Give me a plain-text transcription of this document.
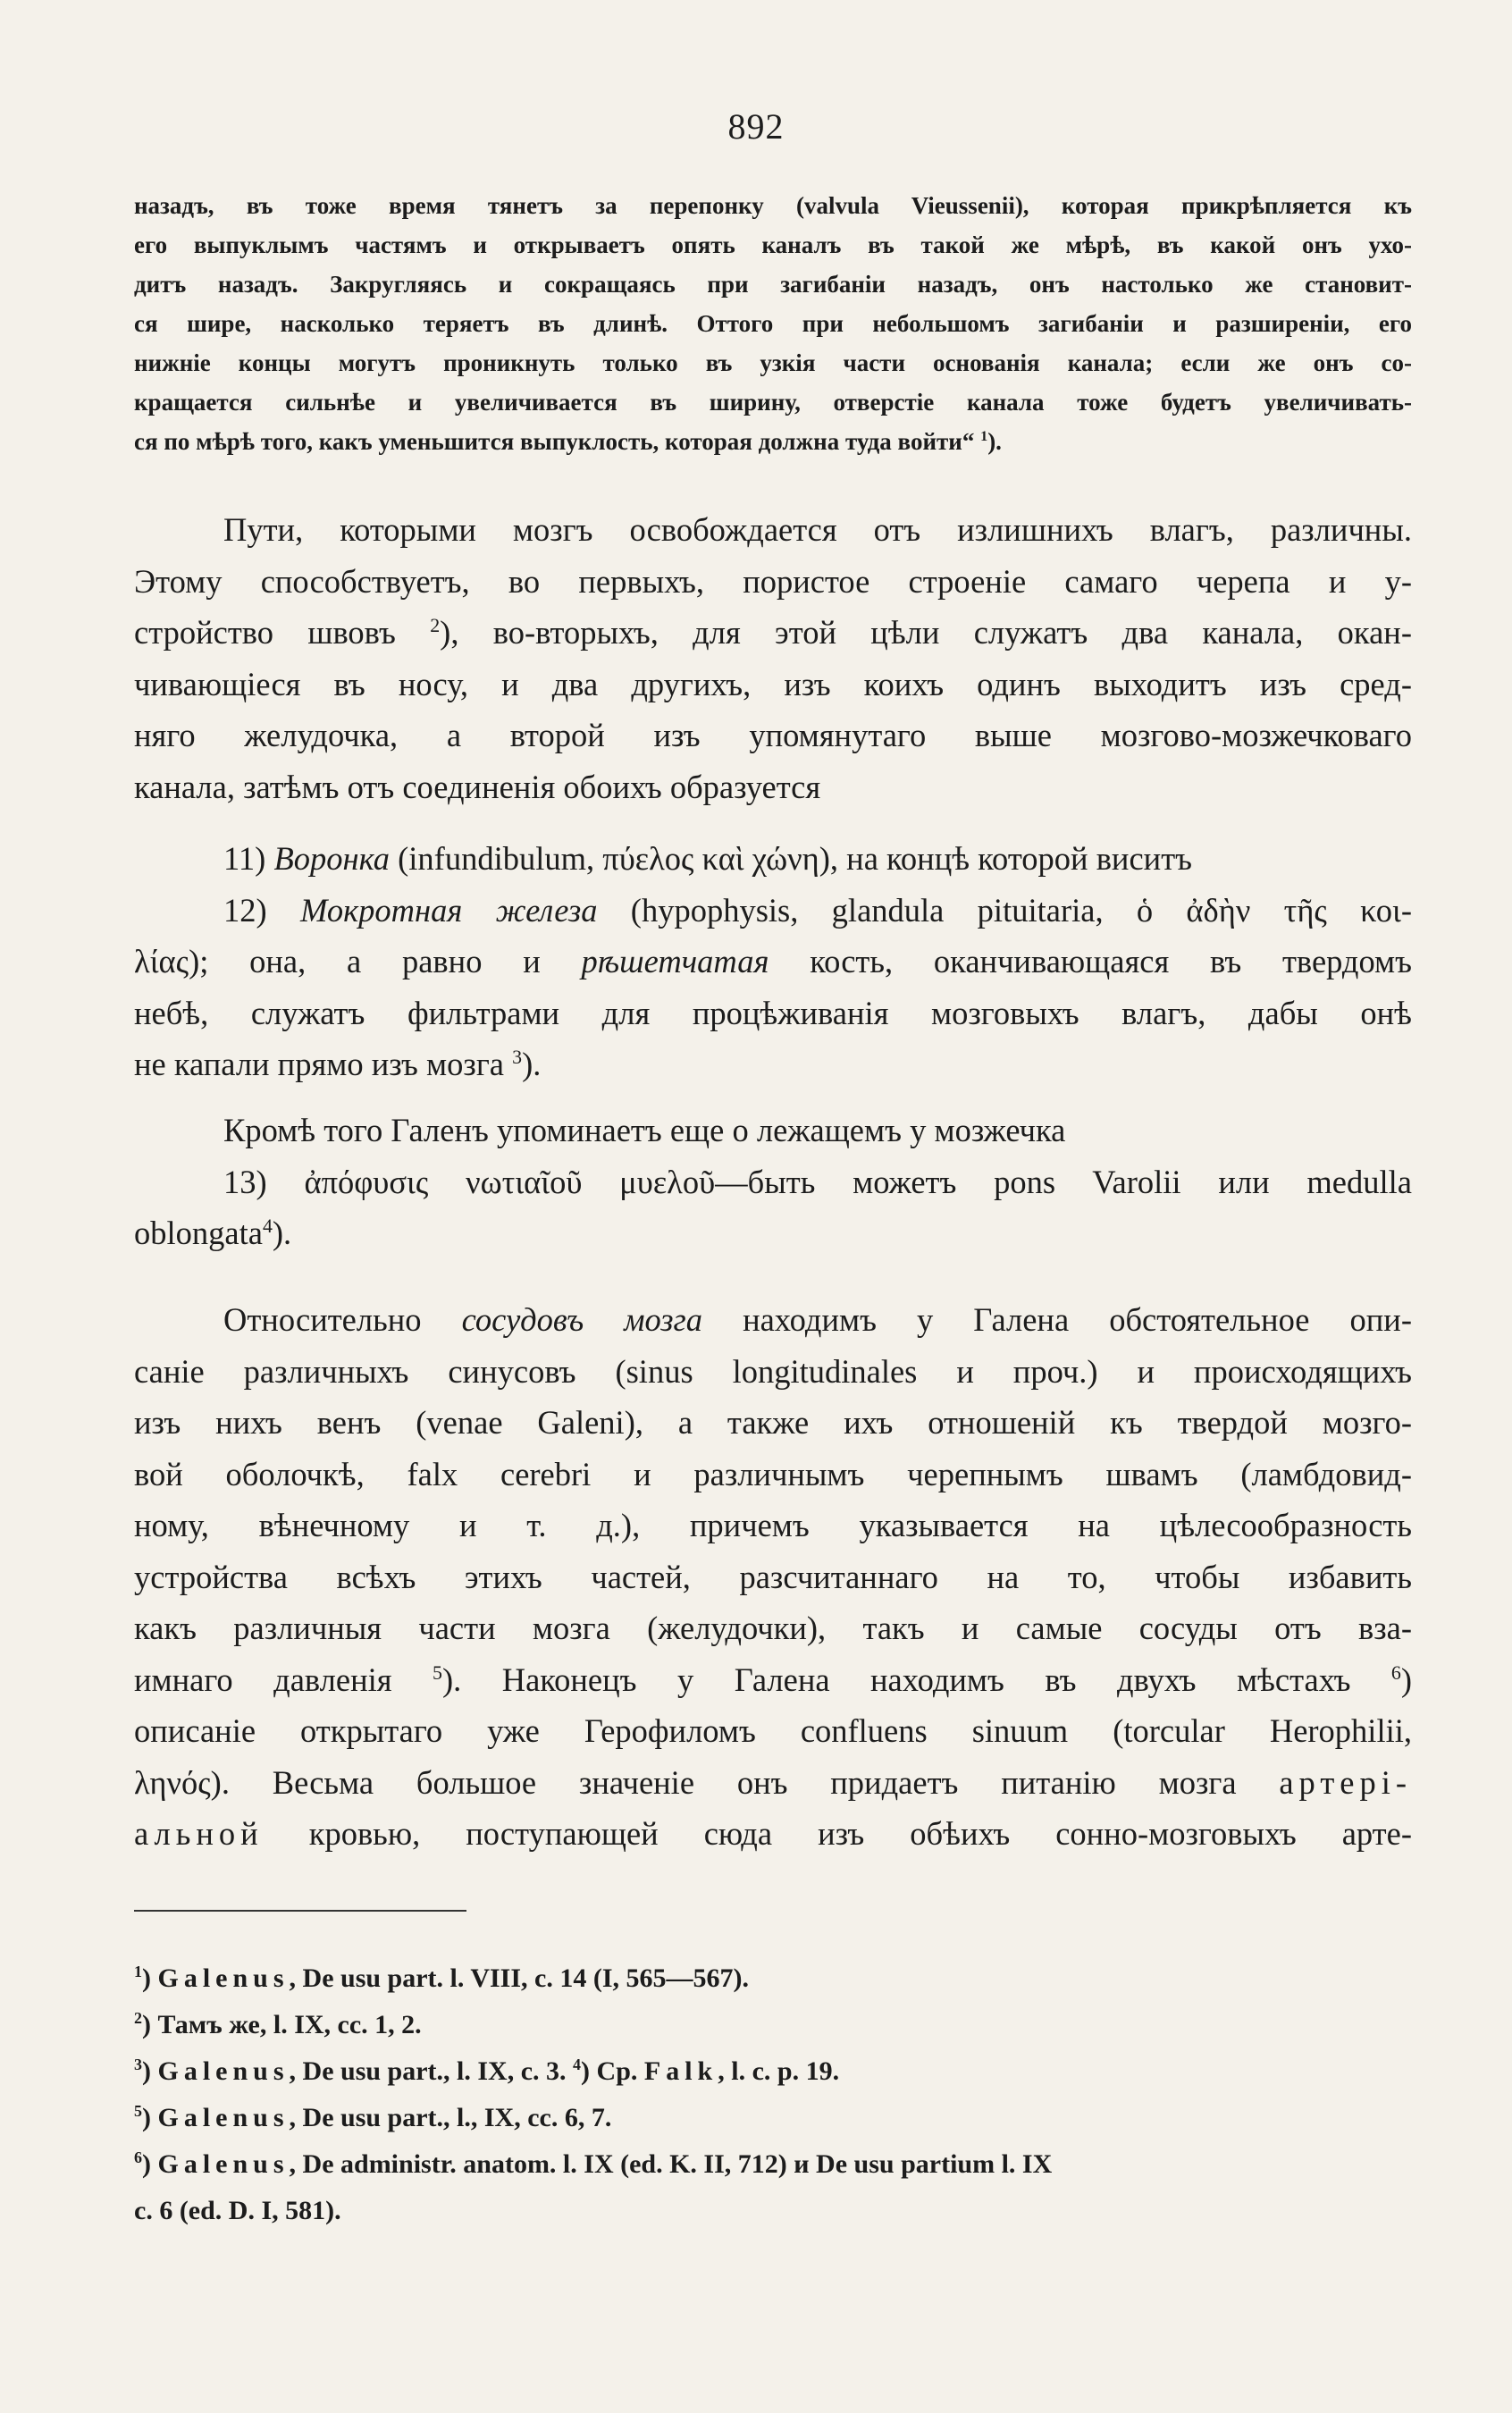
892
назадъ, въ тоже время тянетъ за перепонку (valvula Vieussenii), которая прикрѣпляется къ
его выпуклымъ частямъ и открываетъ опять каналъ въ такой же мѣрѣ, въ какой онъ ухо-
дитъ назадъ. Закругляясь и сокращаясь при загибаніи назадъ, онъ настолько же становит-
ся шире, насколько теряетъ въ длинѣ. Оттого при небольшомъ загибаніи и разширеніи, его
нижніе концы могутъ проникнуть только въ узкія части основанія канала; если же онъ со-
кращается сильнѣе и увеличивается въ ширину, отверстіе канала тоже будетъ увеличивать-
ся по мѣрѣ того, какъ уменьшится выпуклость, которая должна туда войти“ $^1$).
Пути, которыми мозгъ освобождается отъ излишнихъ влагъ, различны.
Этому способствуетъ, во первыхъ, пористое строеніе самаго черепа и у-
стройство швовъ $^2$), во-вторыхъ, для этой цѣли служатъ два канала, окан-
чивающіеся въ носу, и два другихъ, изъ коихъ одинъ выходитъ изъ сред-
няго желудочка, а второй изъ упомянутаго выше мозгово-мозжечковаго
канала, затѣмъ отъ соединенія обоихъ образуется
11) Воронка (infundibulum, πύελος καὶ χώνη), на концѣ которой виситъ
12) Мокротная железа (hypophysis, glandula pituitaria, ὁ ἀδὴν τῆς κοι-
λίας); она, а равно и рѣшетчатая кость, оканчивающаяся въ твердомъ
небѣ, служатъ фильтрами для процѣживанія мозговыхъ влагъ, дабы онѣ
не капали прямо изъ мозга $^3$).
Кромѣ того Галенъ упоминаетъ еще о лежащемъ у мозжечка
13) ἀπόφυσις νωτιαῖοῦ μυελοῦ—быть можетъ pons Varolii или medulla
oblongata$^4$).
Относительно сосудовъ мозга находимъ у Галена обстоятельное опи-
саніе различныхъ синусовъ (sinus longitudinales и проч.) и происходящихъ
изъ нихъ венъ (venae Galeni), а также ихъ отношеній къ твердой мозго-
вой оболочкѣ, falx cerebri и различнымъ черепнымъ швамъ (ламбдовид-
ному, вѣнечному и т. д.), причемъ указывается на цѣлесообразность
устройства всѣхъ этихъ частей, разсчитаннаго на то, чтобы избавить
какъ различныя части мозга (желудочки), такъ и самые сосуды отъ вза-
имнаго давленія $^5$). Наконецъ у Галена находимъ въ двухъ мѣстахъ $^6$)
описаніе открытаго уже Герофиломъ confluens sinuum (torcular Herophilii,
ληνός). Весьма большое значеніе онъ придаетъ питанію мозга артері-
альной кровью, поступающей сюда изъ обѣихъ сонно-мозговыхъ арте-
$^1$) Galenus, De usu part. l. VIII, c. 14 (I, 565—567).
$^2$) Тамъ же, l. IX, cc. 1, 2.
$^3$) Galenus, De usu part., l. IX, c. 3. $^4$) Ср. Falk, l. c. p. 19.
$^5$) Galenus, De usu part., l., IX, cc. 6, 7.
$^6$) Galenus, De administr. anatom. l. IX (ed. K. II, 712) и De usu partium l. IX
c. 6 (ed. D. I, 581).
